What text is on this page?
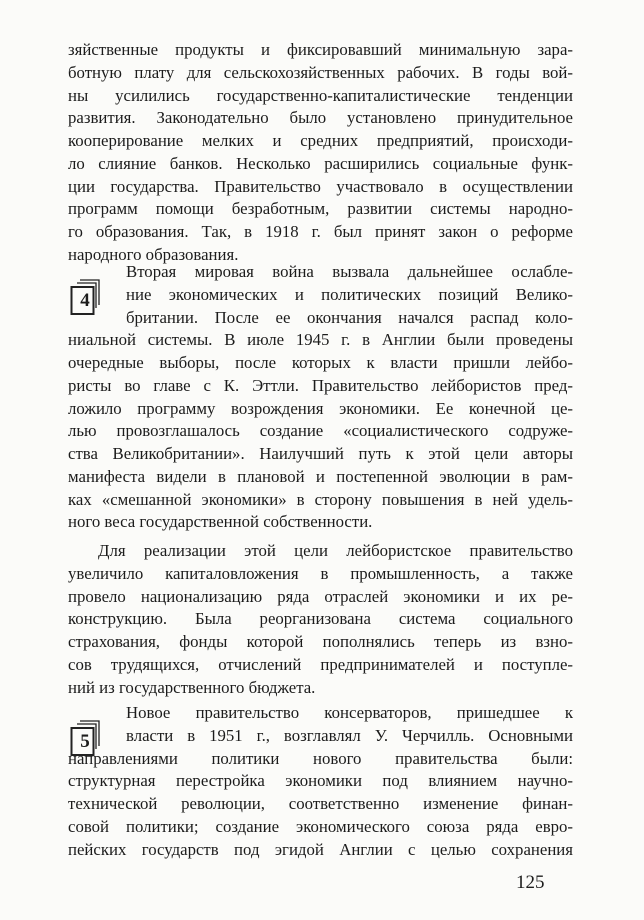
зяйственные продукты и фиксировавший минимальную зара-
ботную плату для сельскохозяйственных рабочих. В годы вой-
ны усилились государственно-капиталистические тенденции
развития. Законодательно было установлено принудительное
кооперирование мелких и средних предприятий, происходи-
ло слияние банков. Несколько расширились социальные функ-
ции государства. Правительство участвовало в осуществлении
программ помощи безработным, развитии системы народно-
го образования. Так, в 1918 г. был принят закон о реформе
народного образования.
4
Вторая мировая война вызвала дальнейшее ослабле-
ние экономических и политических позиций Велико-
британии. После ее окончания начался распад коло-
ниальной системы. В июле 1945 г. в Англии были проведены
очередные выборы, после которых к власти пришли лейбо-
ристы во главе с К. Эттли. Правительство лейбористов пред-
ложило программу возрождения экономики. Ее конечной це-
лью провозглашалось создание «социалистического содруже-
ства Великобритании». Наилучший путь к этой цели авторы
манифеста видели в плановой и постепенной эволюции в рам-
ках «смешанной экономики» в сторону повышения в ней удель-
ного веса государственной собственности.
Для реализации этой цели лейбористское правительство
увеличило капиталовложения в промышленность, а также
провело национализацию ряда отраслей экономики и их ре-
конструкцию. Была реорганизована система социального
страхования, фонды которой пополнялись теперь из взно-
сов трудящихся, отчислений предпринимателей и поступле-
ний из государственного бюджета.
5
Новое правительство консерваторов, пришедшее к
власти в 1951 г., возглавлял У. Черчилль. Основными
направлениями политики нового правительства были:
структурная перестройка экономики под влиянием научно-
технической революции, соответственно изменение финан-
совой политики; создание экономического союза ряда евро-
пейских государств под эгидой Англии с целью сохранения
125
